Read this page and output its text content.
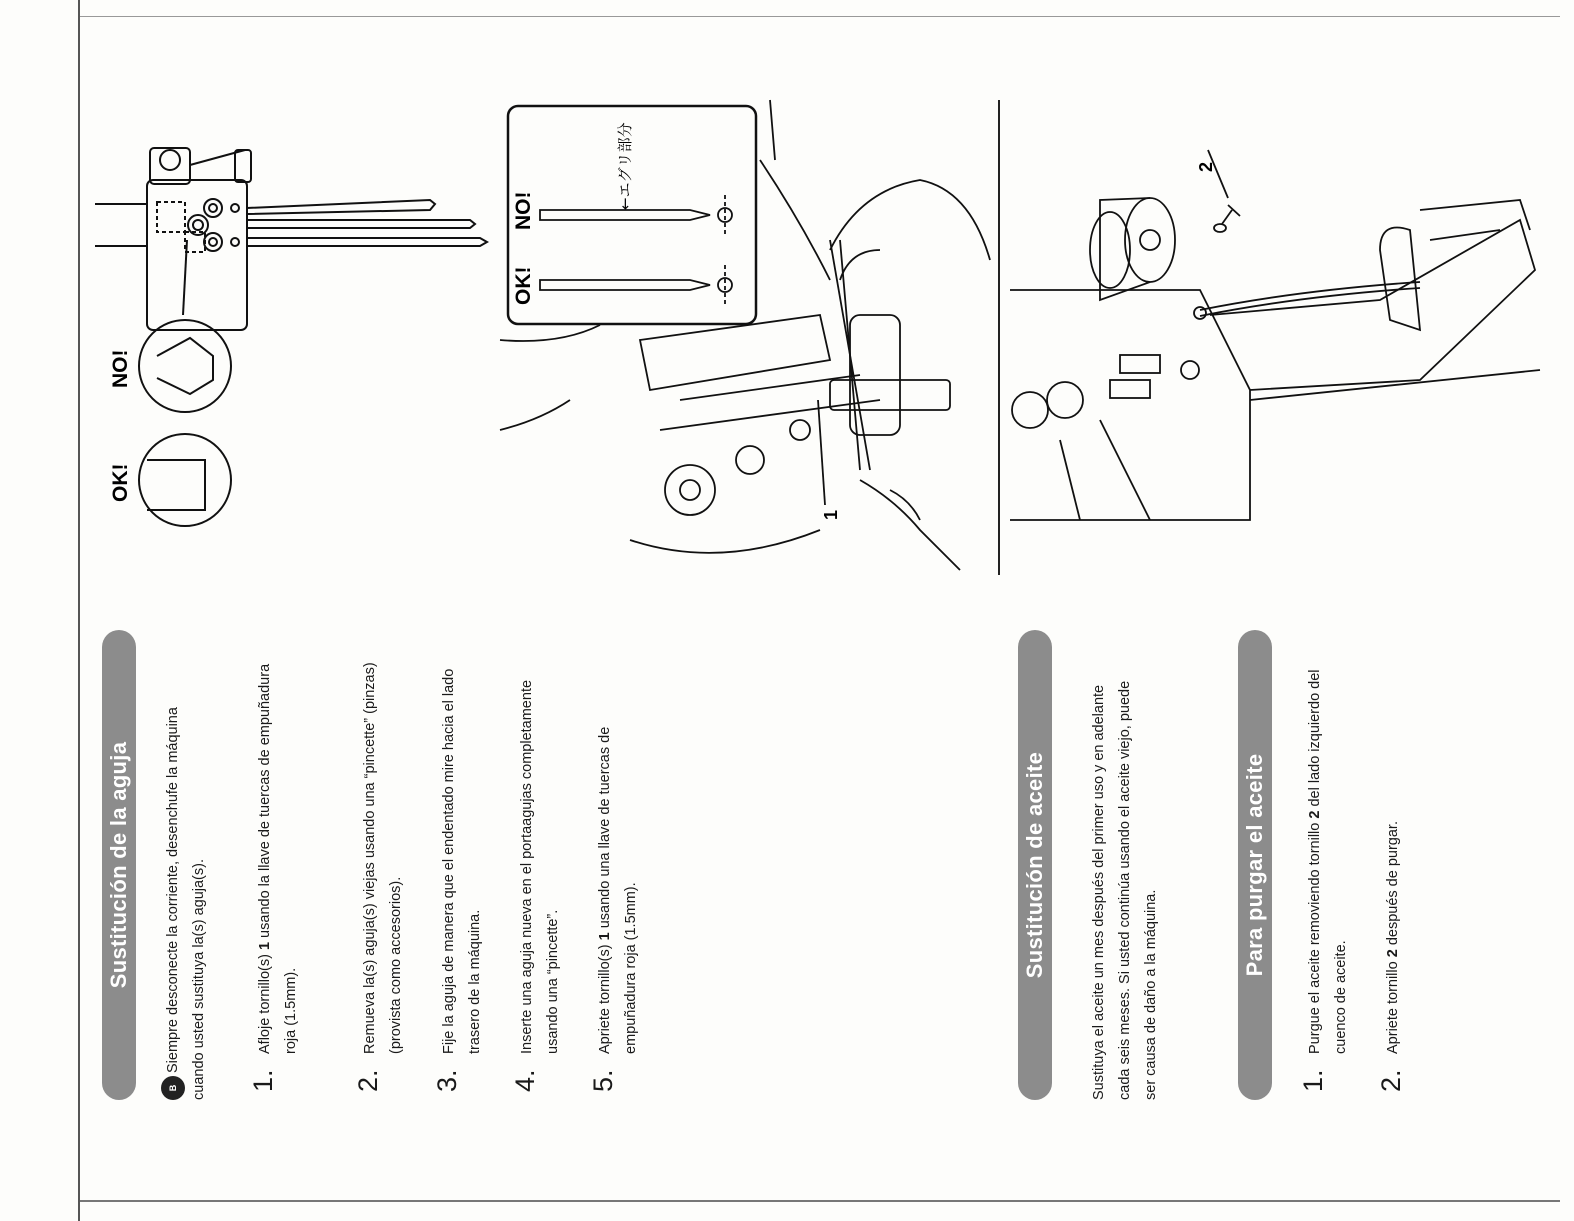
Sustitución de la aguja
BSiempre desconecte la corriente, desenchufe la máquina cuando usted sustituya la(s) aguja(s). 1.
Afloje tornillo(s) 1 usando la llave de tuercas de empuñadura
roja (1.5mm).
2.
Remueva la(s) aguja(s) viejas usando una “pincette” (pinzas) (provista como accesorios).
3.
Fije la aguja de manera que el endentado mire hacia el lado trasero de la máquina.
4.
Inserte una aguja nueva en el portaagujas completamente usando una “pincette”.
5.
Apriete tornillo(s) 1 usando una llave de tuercas de
empuñadura roja (1.5mm).	Sustitución de aceite	Sustituya el aceite un mes después del primer uso y en adelante cada seis meses. Si usted continúa usando el aceite viejo, puede ser causa de daño a la máquina.
Para purgar el aceite
1.
Purgue el aceite removiendo tornillo 2 del lado izquierdo del
cuenco de aceite.
2.
Apriete tornillo 2 después de purgar.
NO!
OK!
OK!
NO!
←エグリ部分
1
2
